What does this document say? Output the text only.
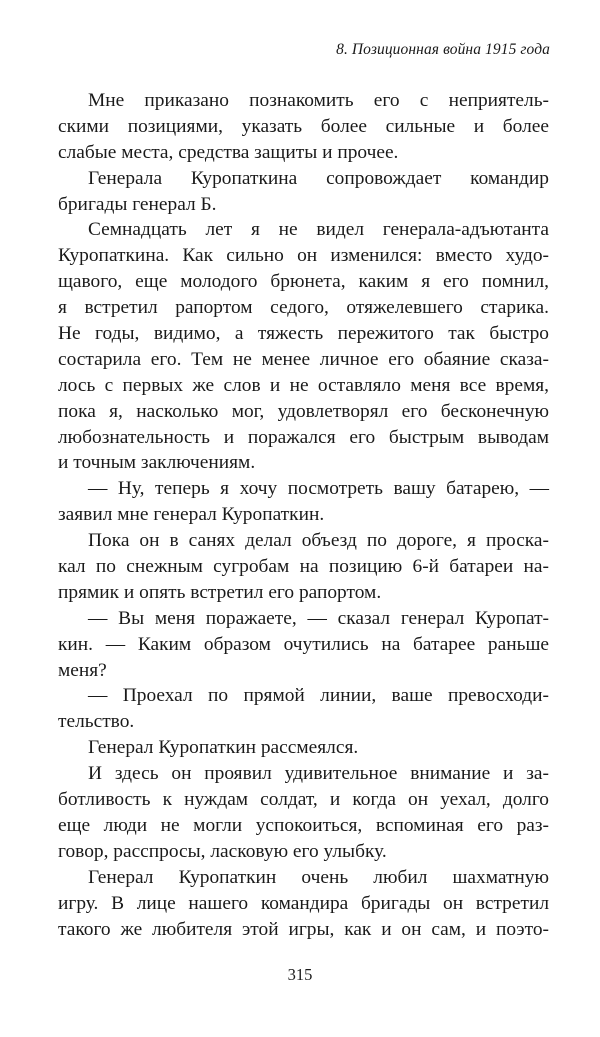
8. Позиционная война 1915 года

Мне приказано познакомить его с неприятель-
скими позициями, указать более сильные и более
слабые места, средства защиты и прочее.

Генерала Куропаткина сопровождает командир
бригады генерал Б.

Семнадцать лет я не видел генерала-адъютанта
Куропаткина. Как сильно он изменился: вместо худо-
щавого, еще молодого брюнета, каким я его помнил,
я встретил рапортом седого, отяжелевшего старика.
Не годы, видимо, а тяжесть пережитого так быстро
состарила его. Тем не менее личное его обаяние сказа-
лось с первых же слов и не оставляло меня все время,
пока я, насколько мог, удовлетворял его бесконечную
любознательность и поражался его быстрым выводам
и точным заключениям.

— Ну, теперь я хочу посмотреть вашу батарею, —
заявил мне генерал Куропаткин.

Пока он в санях делал объезд по дороге, я проска-
кал по снежным сугробам на позицию 6-й батареи на-
прямик и опять встретил его рапортом.

— Вы меня поражаете, — сказал генерал Куропат-
кин. — Каким образом очутились на батарее раньше
меня?

— Проехал по прямой линии, ваше превосходи-
тельство.

Генерал Куропаткин рассмеялся.

И здесь он проявил удивительное внимание и за-
ботливость к нуждам солдат, и когда он уехал, долго
еще люди не могли успокоиться, вспоминая его раз-
говор, расспросы, ласковую его улыбку.

Генерал Куропаткин очень любил шахматную
игру. В лице нашего командира бригады он встретил
такого же любителя этой игры, как и он сам, и поэто-

315
